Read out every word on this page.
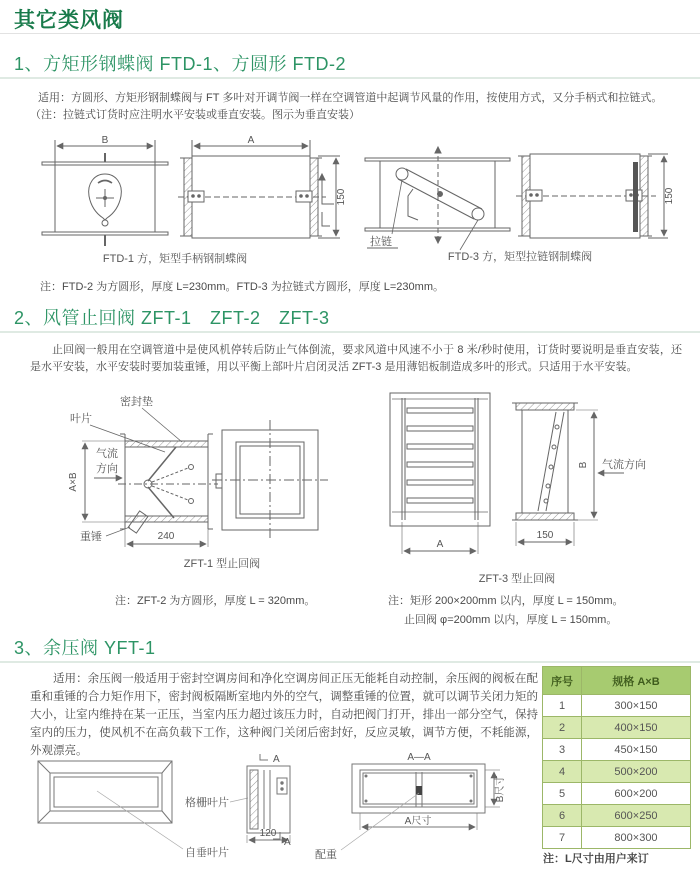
其它类风阀
1、方矩形钢蝶阀 FTD-1、方圆形 FTD-2

适用：方圆形、方矩形钢制蝶阀与 FT 多叶对开调节阀一样在空调管道中起调节风量的作用，按使用方式，又分手柄式和拉链式。

（注：拉链式订货时应注明水平安装或垂直安装。图示为垂直安装）

B	A
150
FTD-1 方，矩型手柄钢制蝶阀
拉链
150
FTD-3 方，矩型拉链钢制蝶阀
注：FTD-2 为方圆形，厚度 L=230mm。FTD-3 为拉链式方圆形，厚度 L=230mm。
2、风管止回阀 ZFT-1　ZFT-2　ZFT-3

止回阀一般用在空调管道中是使风机停转后防止气体倒流，要求风道中风速不小于 8 米/秒时使用，订货时要说明是垂直安装，还是水平安装，水平安装时要加装重锤，用以平衡上部叶片启闭灵活 ZFT-3 是用薄铝板制造成多叶的形式。只适用于水平安装。

密封垫
叶片
气流
方向
A×B
重锤	240
ZFT-1 型止回阀
A
B 气流方向
150
ZFT-3 型止回阀
注：ZFT-2 为方圆形，厚度 L = 320mm。	注：矩形 200×200mm 以内，厚度 L = 150mm。
止回阀 φ=200mm 以内，厚度 L = 150mm。
3、余压阀 YFT-1

适用：余压阀一般适用于密封空调房间和净化空调房间正压无能耗自动控制，余压阀的阀板在配重和重锤的合力矩作用下，密封阀板隔断室地内外的空气，调整重锤的位置，就可以调节关闭力矩的大小，让室内维持在某一正压，当室内压力超过该压力时，自动把阀门打开，排出一部分空气，保持室内的压力，使风机不在高负载下工作，这种阀门关闭后密封好，反应灵敏，调节方便，不耗能源，外观漂亮。

格栅叶片
自垂叶片
A
120
A
A—A
B尺寸
A尺寸
配重
序号	规格 A×B
1	300×150
2	400×150
3	450×150
4	500×200
5	600×200
6	600×250
7	800×300
注：L尺寸由用户来订
